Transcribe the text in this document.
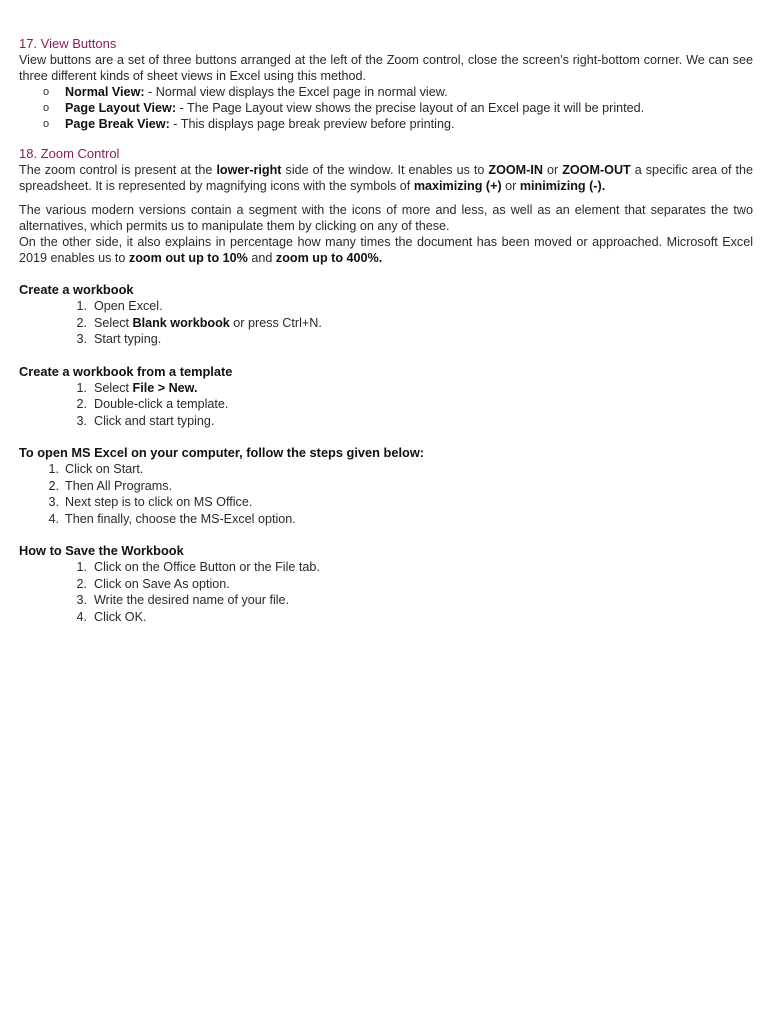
17. View Buttons

View buttons are a set of three buttons arranged at the left of the Zoom control, close the screen's right-bottom corner. We can see three different kinds of sheet views in Excel using this method.

o Normal View: - Normal view displays the Excel page in normal view.
o Page Layout View: - The Page Layout view shows the precise layout of an Excel page it will be printed.
o Page Break View: - This displays page break preview before printing.

18. Zoom Control

The zoom control is present at the lower-right side of the window. It enables us to ZOOM-IN or ZOOM-OUT a specific area of the spreadsheet. It is represented by magnifying icons with the symbols of maximizing (+) or minimizing (-).

The various modern versions contain a segment with the icons of more and less, as well as an element that separates the two alternatives, which permits us to manipulate them by clicking on any of these.

On the other side, it also explains in percentage how many times the document has been moved or approached. Microsoft Excel 2019 enables us to zoom out up to 10% and zoom up to 400%.

Create a workbook

1. Open Excel.
2. Select Blank workbook or press Ctrl+N.
3. Start typing.

Create a workbook from a template

1. Select File > New.
2. Double-click a template.
3. Click and start typing.

To open MS Excel on your computer, follow the steps given below:

1. Click on Start.
2. Then All Programs.
3. Next step is to click on MS Office.
4. Then finally, choose the MS-Excel option.

How to Save the Workbook

1. Click on the Office Button or the File tab.
2. Click on Save As option.
3. Write the desired name of your file.
4. Click OK.
